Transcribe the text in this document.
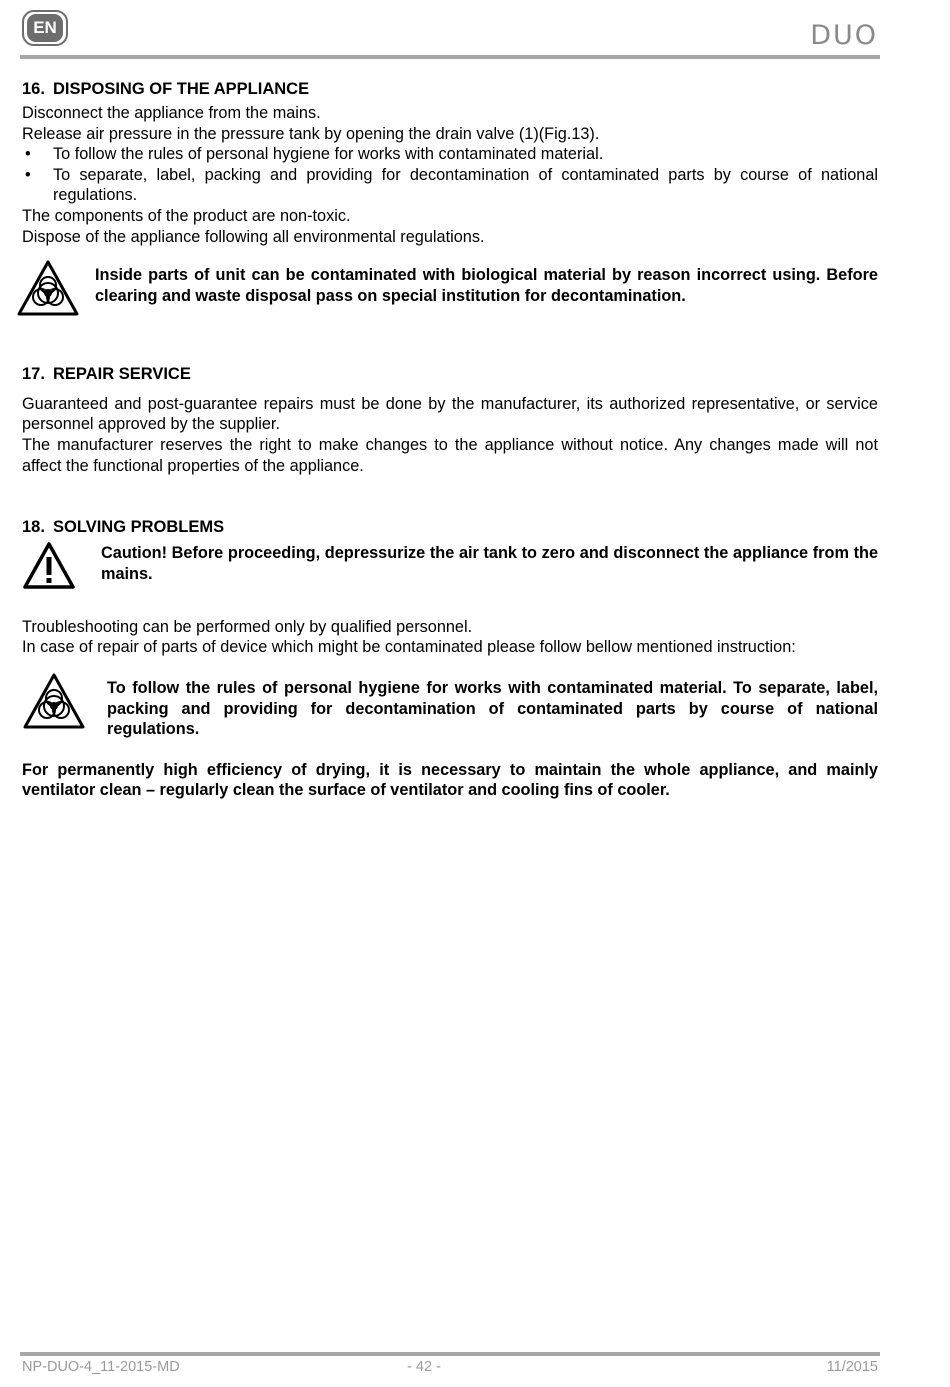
EN	DUO
16. DISPOSING OF THE APPLIANCE

Disconnect the appliance from the mains.

Release air pressure in the pressure tank by opening the drain valve (1)(Fig.13).

• To follow the rules of personal hygiene for works with contaminated material.
• To separate, label, packing and providing for decontamination of contaminated parts by course of national regulations.

The components of the product are non-toxic.

Dispose of the appliance following all environmental regulations.

Inside parts of unit can be contaminated with biological material by reason incorrect using. Before clearing and waste disposal pass on special institution for decontamination.
17. REPAIR SERVICE

Guaranteed and post-guarantee repairs must be done by the manufacturer, its authorized representative, or service personnel approved by the supplier.

The manufacturer reserves the right to make changes to the appliance without notice. Any changes made will not affect the functional properties of the appliance.

18. SOLVING PROBLEMS
Caution! Before proceeding, depressurize the air tank to zero and disconnect the appliance from the mains.

Troubleshooting can be performed only by qualified personnel.

In case of repair of parts of device which might be contaminated please follow bellow mentioned instruction:

To follow the rules of personal hygiene for works with contaminated material. To separate, label, packing and providing for decontamination of contaminated parts by course of national regulations.

For permanently high efficiency of drying, it is necessary to maintain the whole appliance, and mainly ventilator clean – regularly clean the surface of ventilator and cooling fins of cooler.

NP-DUO-4_11-2015-MD	- 42 -	11/2015
